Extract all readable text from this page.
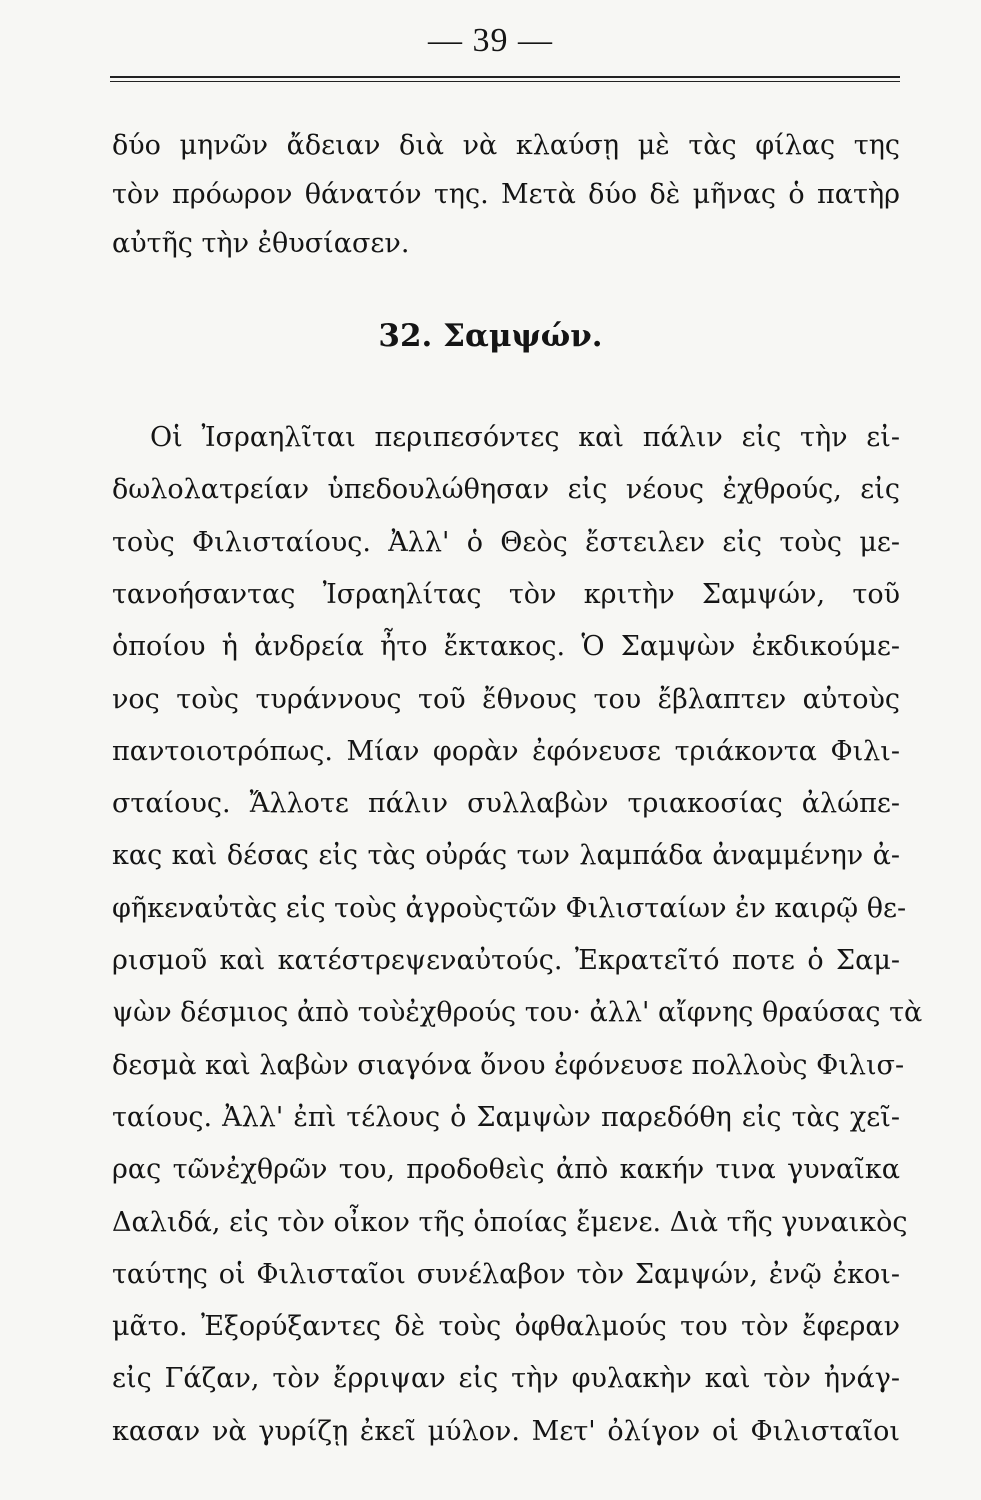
— 39 —
δύο μηνῶν ἄδειαν διὰ νὰ κλαύσῃ μὲ τὰς φίλας της
τὸν πρόωρον θάνατόν της. Μετὰ δύο δὲ μῆνας ὁ πατὴρ
αὐτῆς τὴν ἐθυσίασεν.
32. Σαμψών.
Οἱ Ἰσραηλῖται περιπεσόντες καὶ πάλιν εἰς τὴν εἰ-
δωλολατρείαν ὑπεδουλώθησαν εἰς νέους ἐχθρούς, εἰς
τοὺς Φιλισταίους. Ἀλλ' ὁ Θεὸς ἔστειλεν εἰς τοὺς με-
τανοήσαντας Ἰσραηλίτας τὸν κριτὴν Σαμψών, τοῦ
ὁποίου ἡ ἀνδρεία ἦτο ἔκτακος. Ὁ Σαμψὼν ἐκδικούμε-
νος τοὺς τυράννους τοῦ ἔθνους του ἔβλαπτεν αὐτοὺς
παντοιοτρόπως. Μίαν φορὰν ἐφόνευσε τριάκοντα Φιλι-
σταίους. Ἄλλοτε πάλιν συλλαβὼν τριακοσίας ἀλώπε-
κας καὶ δέσας εἰς τὰς οὐράς των λαμπάδα ἀναμμένην ἀ-
φῆκεναὐτὰς εἰς τοὺς ἀγροὺςτῶν Φιλισταίων ἐν καιρῷ θε-
ρισμοῦ καὶ κατέστρεψεναὐτούς. Ἐκρατεῖτό ποτε ὁ Σαμ-
ψὼν δέσμιος ἀπὸ τοὺἐχθρούς του· ἀλλ' αἴφνης θραύσας τὰ
δεσμὰ καὶ λαβὼν σιαγόνα ὄνου ἐφόνευσε πολλοὺς Φιλισ-
ταίους. Ἀλλ' ἐπὶ τέλους ὁ Σαμψὼν παρεδόθη εἰς τὰς χεῖ-
ρας τῶνἐχθρῶν του, προδοθεὶς ἀπὸ κακήν τινα γυναῖκα
Δαλιδά, εἰς τὸν οἶκον τῆς ὁποίας ἔμενε. Διὰ τῆς γυναικὸς
ταύτης οἱ Φιλισταῖοι συνέλαβον τὸν Σαμψών, ἐνῷ ἐκοι-
μᾶτο. Ἐξορύξαντες δὲ τοὺς ὀφθαλμούς του τὸν ἔφεραν
εἰς Γάζαν, τὸν ἔρριψαν εἰς τὴν φυλακὴν καὶ τὸν ἠνάγ-
κασαν νὰ γυρίζῃ ἐκεῖ μύλον. Μετ' ὀλίγον οἱ Φιλισταῖοι
